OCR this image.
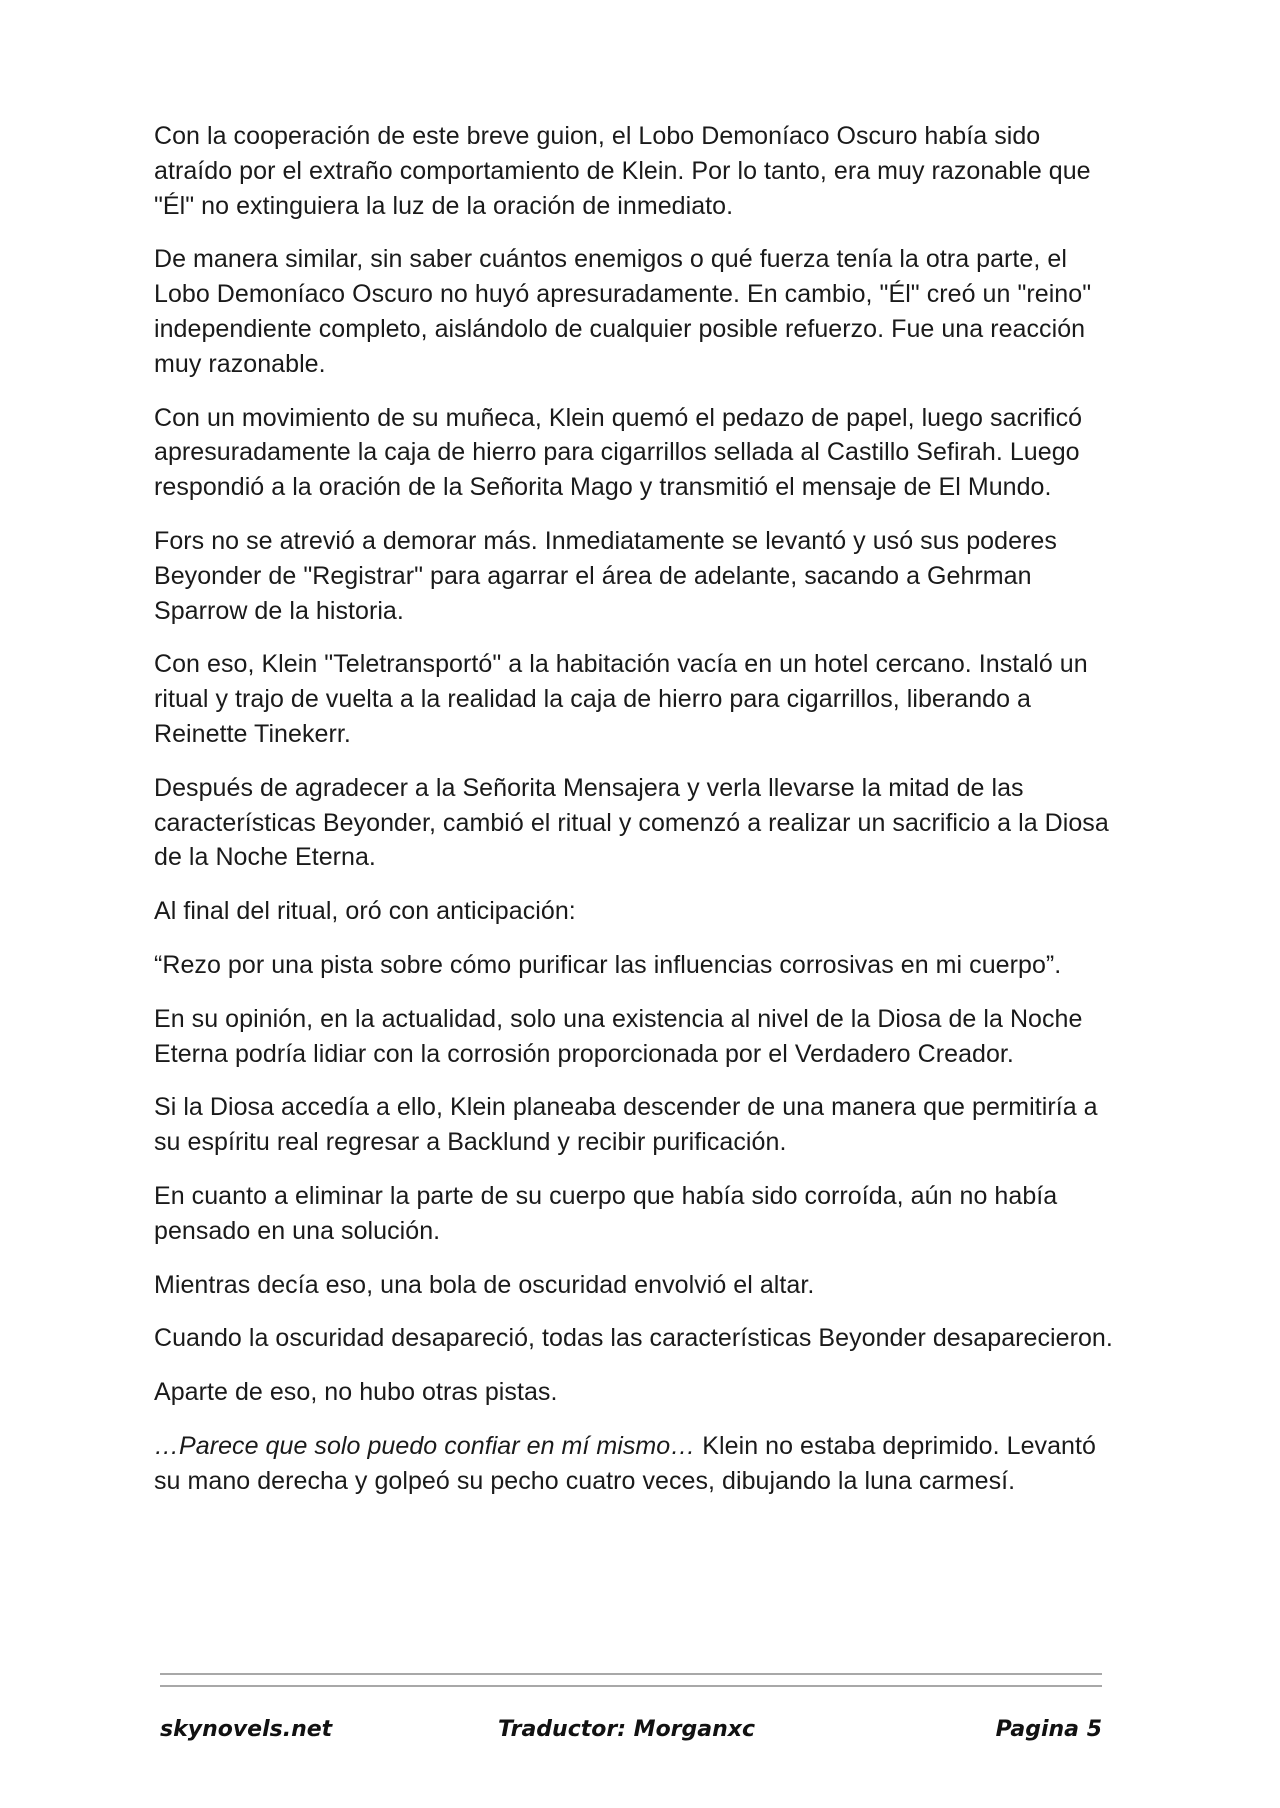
Con la cooperación de este breve guion, el Lobo Demoníaco Oscuro había sido atraído por el extraño comportamiento de Klein. Por lo tanto, era muy razonable que "Él" no extinguiera la luz de la oración de inmediato.

De manera similar, sin saber cuántos enemigos o qué fuerza tenía la otra parte, el Lobo Demoníaco Oscuro no huyó apresuradamente. En cambio, "Él" creó un "reino" independiente completo, aislándolo de cualquier posible refuerzo. Fue una reacción muy razonable.

Con un movimiento de su muñeca, Klein quemó el pedazo de papel, luego sacrificó apresuradamente la caja de hierro para cigarrillos sellada al Castillo Sefirah. Luego respondió a la oración de la Señorita Mago y transmitió el mensaje de El Mundo.

Fors no se atrevió a demorar más. Inmediatamente se levantó y usó sus poderes Beyonder de "Registrar" para agarrar el área de adelante, sacando a Gehrman Sparrow de la historia.

Con eso, Klein "Teletransportó" a la habitación vacía en un hotel cercano. Instaló un ritual y trajo de vuelta a la realidad la caja de hierro para cigarrillos, liberando a Reinette Tinekerr.

Después de agradecer a la Señorita Mensajera y verla llevarse la mitad de las características Beyonder, cambió el ritual y comenzó a realizar un sacrificio a la Diosa de la Noche Eterna.

Al final del ritual, oró con anticipación:

“Rezo por una pista sobre cómo purificar las influencias corrosivas en mi cuerpo”.

En su opinión, en la actualidad, solo una existencia al nivel de la Diosa de la Noche Eterna podría lidiar con la corrosión proporcionada por el Verdadero Creador.

Si la Diosa accedía a ello, Klein planeaba descender de una manera que permitiría a su espíritu real regresar a Backlund y recibir purificación.

En cuanto a eliminar la parte de su cuerpo que había sido corroída, aún no había pensado en una solución.

Mientras decía eso, una bola de oscuridad envolvió el altar.

Cuando la oscuridad desapareció, todas las características Beyonder desaparecieron.

Aparte de eso, no hubo otras pistas.

…Parece que solo puedo confiar en mí mismo… Klein no estaba deprimido. Levantó su mano derecha y golpeó su pecho cuatro veces, dibujando la luna carmesí.

skynovels.net	Traductor: Morganxc	Pagina 5
